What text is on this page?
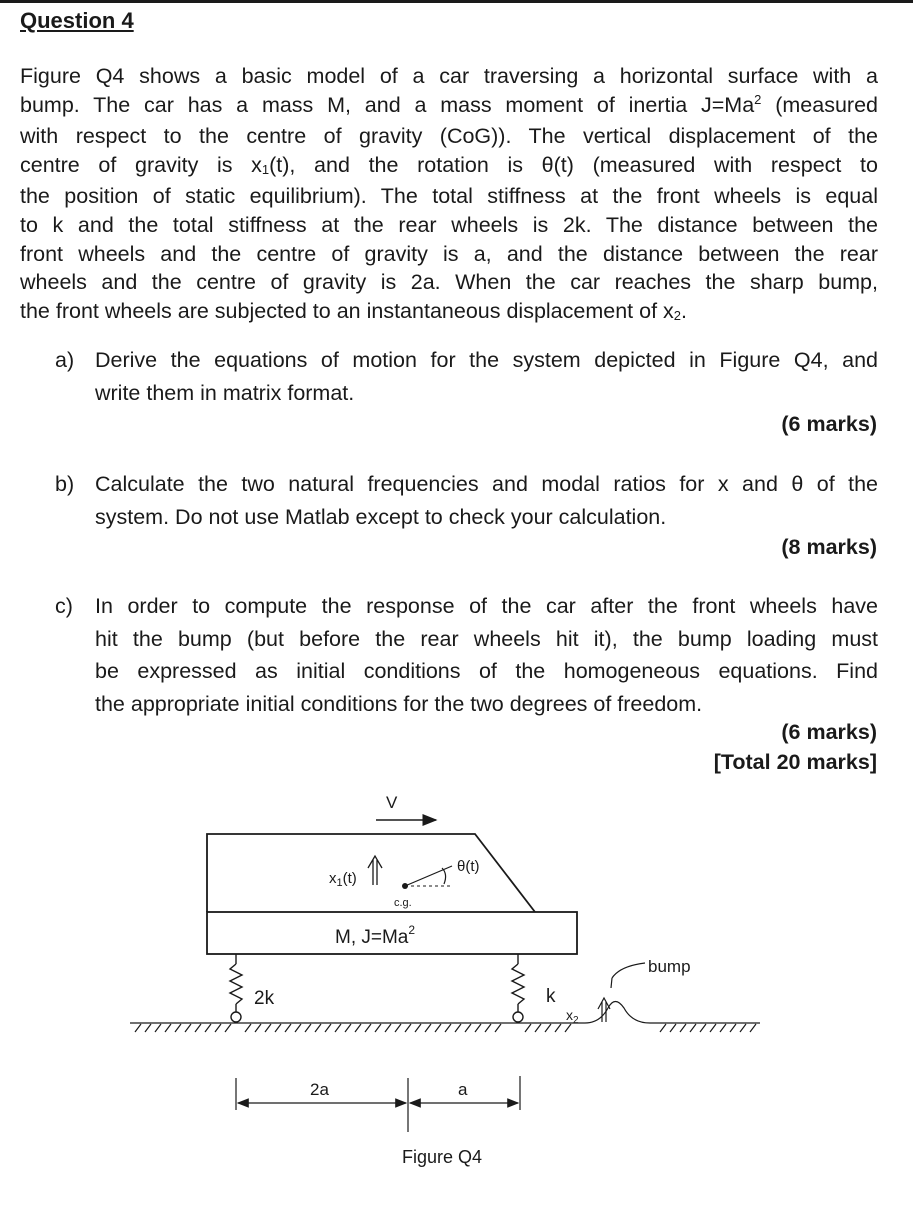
Question 4
Figure Q4 shows a basic model of a car traversing a horizontal surface with a
bump. The car has a mass M, and a mass moment of inertia $J=Ma^2$ (measured
with respect to the centre of gravity (CoG)). The vertical displacement of the
centre of gravity is x1(t), and the rotation is θ(t) (measured with respect to
the position of static equilibrium). The total stiffness at the front wheels is equal
to k and the total stiffness at the rear wheels is 2k. The distance between the
front wheels and the centre of gravity is a, and the distance between the rear
wheels and the centre of gravity is 2a. When the car reaches the sharp bump,
the front wheels are subjected to an instantaneous displacement of x2.
a) Derive the equations of motion for the system depicted in Figure Q4, and
write them in matrix format.
(6 marks)
b) Calculate the two natural frequencies and modal ratios for x and θ of the
system. Do not use Matlab except to check your calculation.
(8 marks)
c) In order to compute the response of the car after the front wheels have
hit the bump (but before the rear wheels hit it), the bump loading must
be expressed as initial conditions of the homogeneous equations. Find
the appropriate initial conditions for the two degrees of freedom.
(6 marks)
[Total 20 marks]
V
$x_1(t)$
c.g.
θ(t)
M, $J=Ma^2$
2k	k
bump
$x_2$
2a	a
Figure Q4
